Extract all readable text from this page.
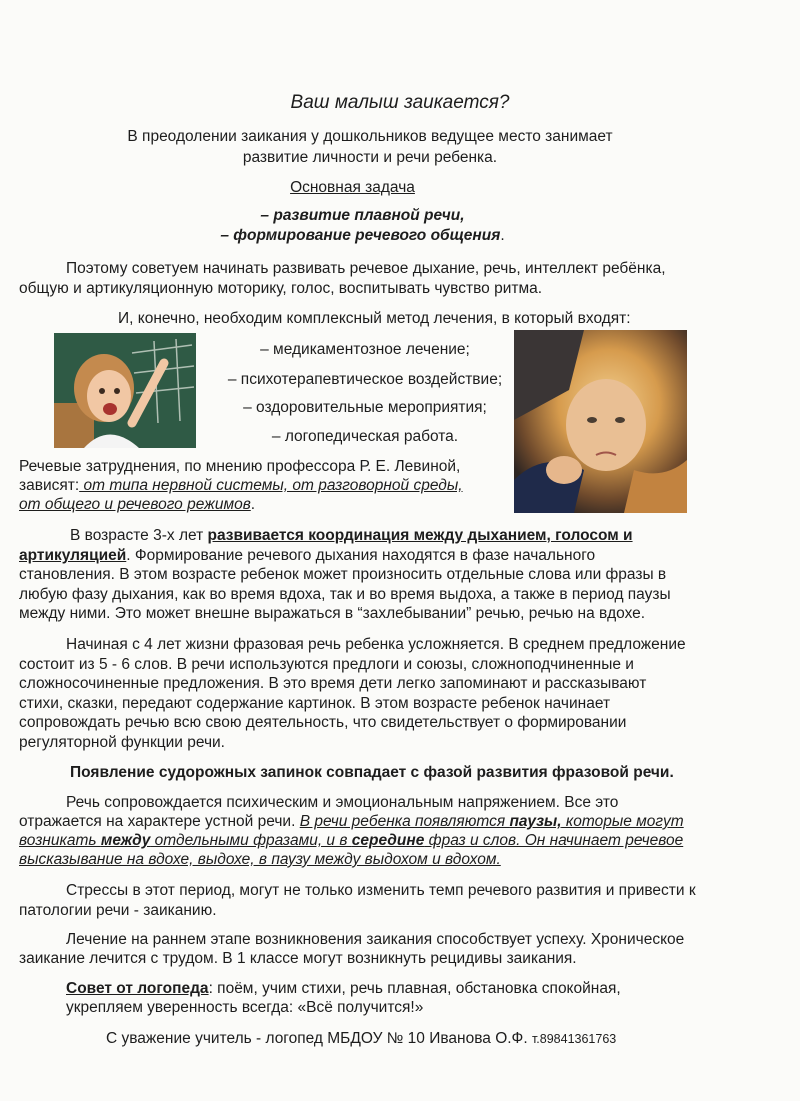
Ваш малыш заикается?
В преодолении заикания у дошкольников ведущее место занимает
развитие личности и речи ребенка.
Основная задача
– развитие плавной речи,
– формирование речевого общения.
Поэтому советуем начинать развивать речевое дыхание, речь, интеллект ребёнка,
общую и артикуляционную моторику, голос, воспитывать чувство ритма.
И, конечно, необходим комплексный метод лечения, в который входят:
– медикаментозное лечение;
– психотерапевтическое воздействие;
– оздоровительные мероприятия;
– логопедическая работа.
Речевые затруднения, по мнению профессора Р. Е. Левиной,
зависят: от типа нервной системы, от разговорной среды,
от общего и речевого режимов.
В возрасте 3-х лет развивается координация между дыханием, голосом и
артикуляцией. Формирование речевого дыхания находятся в фазе начального
становления. В этом возрасте ребенок может произносить отдельные слова или фразы в
любую фазу дыхания, как во время вдоха, так и во время выдоха, а также в период паузы
между ними. Это может внешне выражаться в “захлебывании” речью, речью на вдохе.
Начиная с 4 лет жизни фразовая речь ребенка усложняется. В среднем предложение
состоит из 5 - 6 слов. В речи используются предлоги и союзы, сложноподчиненные и
сложносочиненные предложения. В это время дети легко запоминают и рассказывают
стихи, сказки, передают содержание картинок. В этом возрасте ребенок начинает
сопровождать речью всю свою деятельность, что свидетельствует о формировании
регуляторной функции речи.
Появление судорожных запинок совпадает с фазой развития фразовой речи.
Речь сопровождается психическим и эмоциональным напряжением. Все это
отражается на характере устной речи. В речи ребенка появляются паузы, которые могут
возникать между отдельными фразами, и в середине фраз и слов. Он начинает речевое
высказывание на вдохе, выдохе, в паузу между выдохом и вдохом.
Стрессы в этот период, могут не только изменить темп речевого развития и привести к
патологии речи - заиканию.
Лечение на раннем этапе возникновения заикания способствует успеху. Хроническое
заикание лечится с трудом. В 1 классе могут возникнуть рецидивы заикания.
Совет от логопеда: поём, учим стихи, речь плавная, обстановка спокойная,
укрепляем уверенность всегда: «Всё получится!»
С уважение учитель - логопед МБДОУ № 10 Иванова О.Ф. т.89841361763
